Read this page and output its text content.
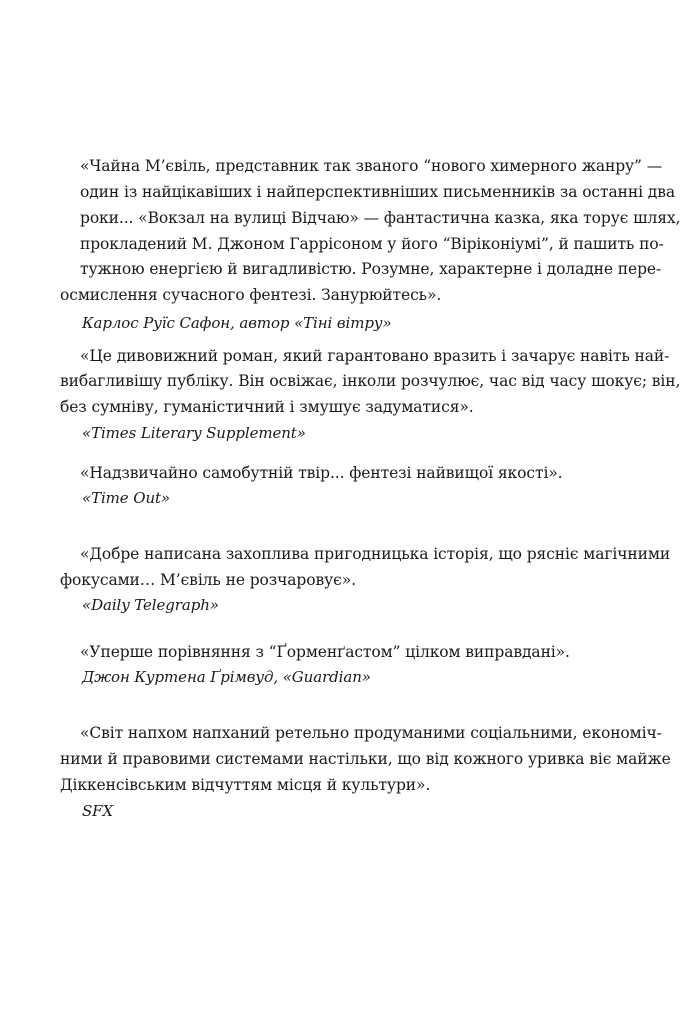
«Чайна М’євіль, представник так званого “нового химерного жанру” —
один із найцікавіших і найперспективніших письменників за останні два
роки... «Вокзал на вулиці Відчаю» — фантастична казка, яка торує шлях,
прокладений М. Джоном Гаррісоном у його “Віріконіумі”, й пашить по-
тужною енергією й вигадливістю. Розумне, характерне і доладне пере-
осмислення сучасного фентезі. Занурюйтесь».
Карлос Руїс Сафон, автор «Тіні вітру»
«Це дивовижний роман, який гарантовано вразить і зачарує навіть най-
вибагливішу публіку. Він освіжає, інколи розчулює, час від часу шокує; він,
без сумніву, гуманістичний і змушує задуматися».
«Times Literary Supplement»
«Надзвичайно самобутній твір... фентезі найвищої якості».
«Time Out»
«Добре написана захоплива пригодницька історія, що рясніє магічними
фокусами… М’євіль не розчаровує».
«Daily Telegraph»
«Уперше порівняння з “Ґорменґастом” цілком виправдані».
Джон Куртена Ґрімвуд, «Guardian»
«Світ напхом напханий ретельно продуманими соціальними, економіч-
ними й правовими системами настільки, що від кожного уривка віє майже
Діккенсівським відчуттям місця й культури».
SFX
